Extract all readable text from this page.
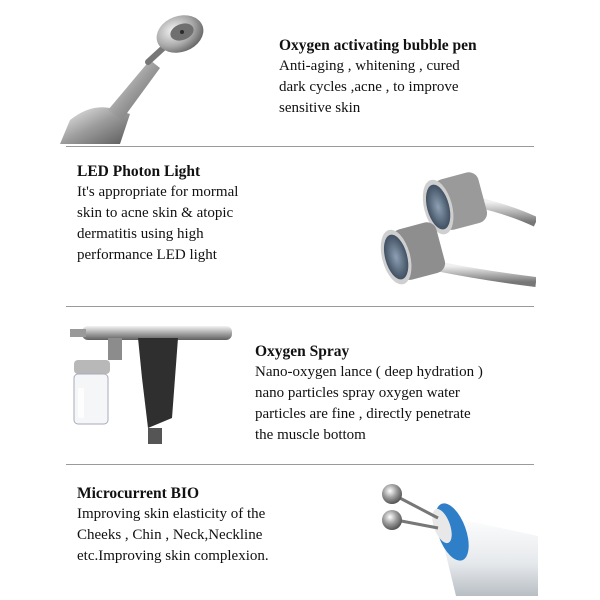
Oxygen activating bubble pen
Anti-aging , whitening , cured
dark cycles ,acne , to improve
sensitive skin
LED Photon Light
It's appropriate for mormal
skin to acne skin & atopic
dermatitis using high
performance LED light
Oxygen Spray
Nano-oxygen lance ( deep hydration )
nano particles spray oxygen water
particles are fine , directly penetrate
the muscle bottom
Microcurrent BIO
Improving skin elasticity of the
Cheeks , Chin , Neck,Neckline
etc.Improving skin complexion.
